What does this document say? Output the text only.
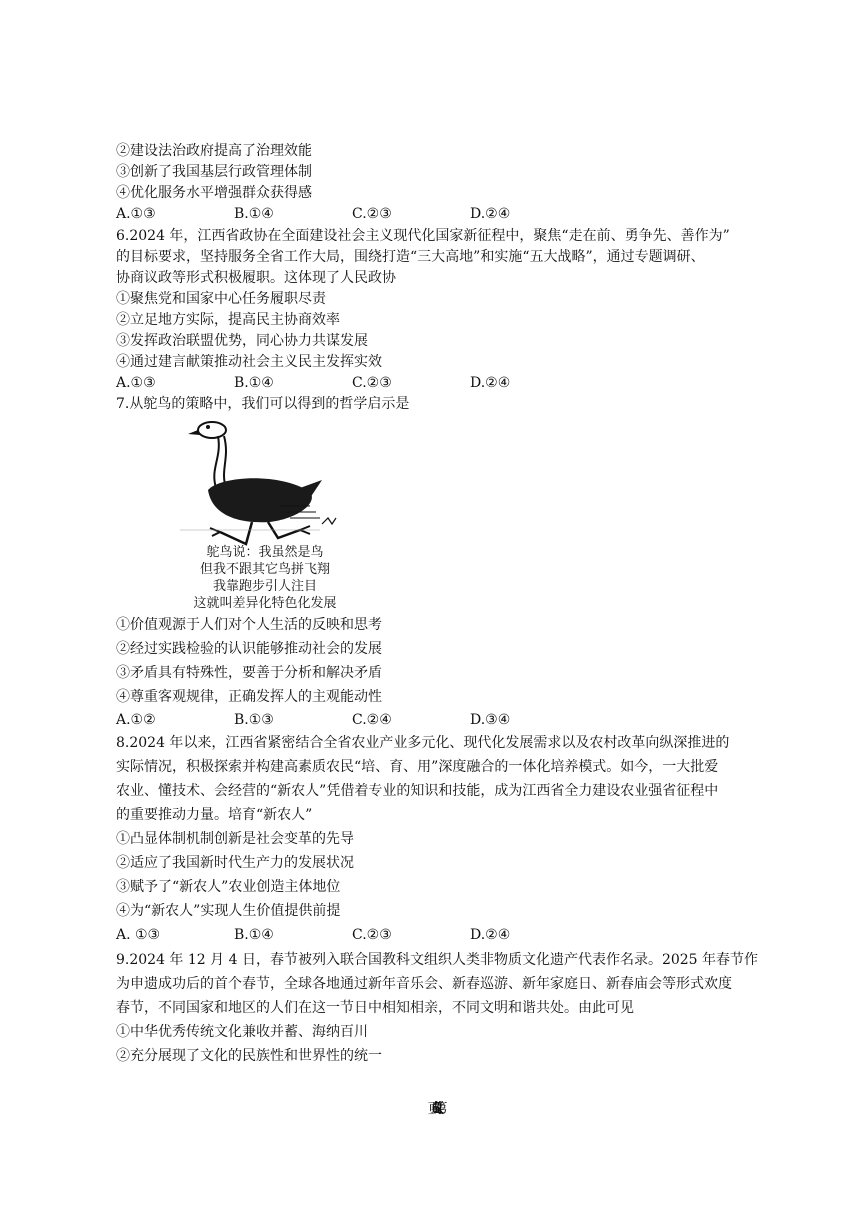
②建设法治政府提高了治理效能
③创新了我国基层行政管理体制
④优化服务水平增强群众获得感
A.①③	B.①④	C.②③	D.②④
6.2024 年，江西省政协在全面建设社会主义现代化国家新征程中，聚焦“走在前、勇争先、善作为”
的目标要求，坚持服务全省工作大局，围绕打造“三大高地”和实施“五大战略”，通过专题调研、
协商议政等形式积极履职。这体现了人民政协
①聚焦党和国家中心任务履职尽责
②立足地方实际，提高民主协商效率
③发挥政治联盟优势，同心协力共谋发展
④通过建言献策推动社会主义民主发挥实效
A.①③	B.①④	C.②③	D.②④
7.从鸵鸟的策略中，我们可以得到的哲学启示是
鸵鸟说：我虽然是鸟
但我不跟其它鸟拼飞翔
我靠跑步引人注目
这就叫差异化特色化发展
①价值观源于人们对个人生活的反映和思考
②经过实践检验的认识能够推动社会的发展
③矛盾具有特殊性，要善于分析和解决矛盾
④尊重客观规律，正确发挥人的主观能动性
A.①②	B.①③	C.②④	D.③④
8.2024 年以来，江西省紧密结合全省农业产业多元化、现代化发展需求以及农村改革向纵深推进的
实际情况，积极探索并构建高素质农民“培、育、用”深度融合的一体化培养模式。如今，一大批爱
农业、懂技术、会经营的“新农人”凭借着专业的知识和技能，成为江西省全力建设农业强省征程中
的重要推动力量。培育“新农人”
①凸显体制机制创新是社会变革的先导
②适应了我国新时代生产力的发展状况
③赋予了“新农人”农业创造主体地位
④为“新农人”实现人生价值提供前提
A. ①③	B.①④	C.②③	D.②④
9.2024 年 12 月 4 日，春节被列入联合国教科文组织人类非物质文化遗产代表作名录。2025 年春节作
为申遗成功后的首个春节，全球各地通过新年音乐会、新春巡游、新年家庭日、新春庙会等形式欢度
春节，不同国家和地区的人们在这一节日中相知相亲，不同文明和谐共处。由此可见
①中华优秀传统文化兼收并蓄、海纳百川
②充分展现了文化的民族性和世界性的统一
